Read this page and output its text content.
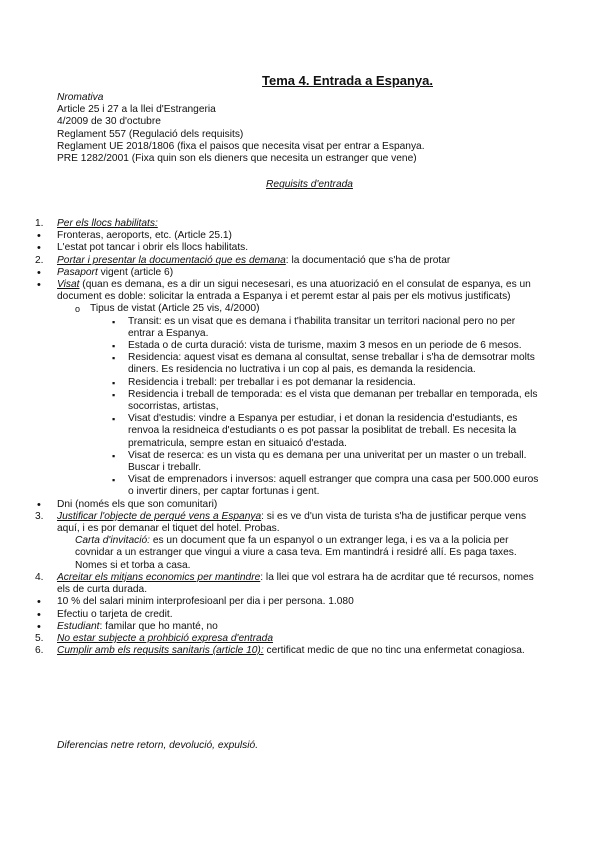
Tema 4. Entrada a Espanya.
Nromativa
Article 25 i 27 a la llei d'Estrangeria
4/2009 de 30 d'octubre
Reglament 557 (Regulació dels requisits)
Reglament UE 2018/1806 (fixa el paisos que necesita visat per entrar a Espanya.
PRE 1282/2001 (Fixa quin son els dieners que necesita un estranger que vene)
Requisits d'entrada
1. Per els llocs habilitats:
• Fronteras, aeroports, etc. (Article 25.1)
• L'estat pot tancar i obrir els llocs habilitats.
2. Portar i presentar la documentació que es demana: la documentació que s'ha de protar
• Pasaport vigent (article 6)
• Visat (quan es demana, es a dir un sigui necesesari, es una atuorizació en el consulat de espanya, es un document es doble: solicitar la entrada a Espanya i et peremt estar al pais per els motivus justificats)
o Tipus de vistat (Article 25 vis, 4/2000)
▪ Transit: es un visat que es demana i t'habilita transitar un territori nacional pero no per entrar a Espanya.
▪ Estada o de curta duració: vista de turisme, maxim 3 mesos en un periode de 6 mesos.
▪ Residencia: aquest visat es demana al consultat, sense treballar i s'ha de demsotrar molts diners. Es residencia no luctrativa i un cop al pais, es demanda la residencia.
▪ Residencia i treball: per treballar i es pot demanar la residencia.
▪ Residencia i treball de temporada: es el vista que demanan per treballar en temporada, els socorristas, artistas,
▪ Visat d'estudis: vindre a Espanya per estudiar, i et donan la residencia d'estudiants, es renvoa la residneica d'estudiants o es pot passar la posiblitat de treball. Es necesita la prematricula, sempre estan en situaicó d'estada.
▪ Visat de reserca: es un vista qu es demana per una univeritat per un master o un treball. Buscar i treballr.
▪ Visat de emprenadors i inversos: aquell estranger que compra una casa per 500.000 euros o invertir diners, per captar fortunas i gent.
• Dni (només els que son comunitari)
3. Justificar l'objecte de perqué vens a Espanya: si es ve d'un vista de turista s'ha de justificar perque vens aquí, i es por demanar el tiquet del hotel. Probas.
Carta d'invitació: es un document que fa un espanyol o un extranger lega, i es va a la policia per covnidar a un estranger que vingui a viure a casa teva. Em mantindrá i residré allí. Es paga taxes. Nomes si et torba a casa.
4. Acreitar els mitjans economics per mantindre: la llei que vol estrara ha de acrditar que té recursos, nomes els de curta durada.
• 10 % del salari minim interprofesioanl per dia i per persona. 1.080
• Efectiu o tarjeta de credit.
• Estudiant: familar que ho manté, no
5. No estar subjecte a prohbició expresa d'entrada
6. Cumplir amb els requsits sanitaris (article 10): certificat medic de que no tinc una enfermetat conagiosa.
Diferencias netre retorn, devolució, expulsió.
